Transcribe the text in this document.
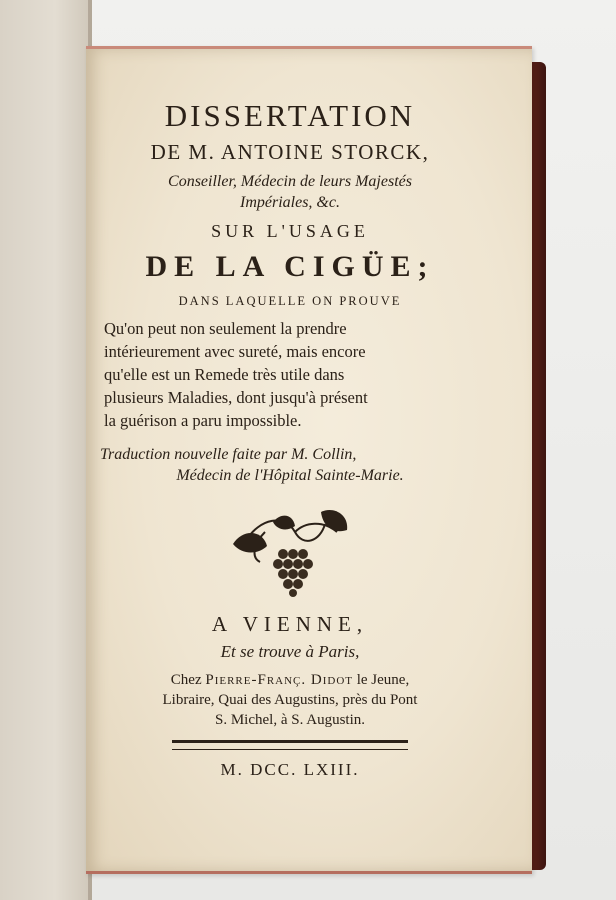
DISSERTATION
DE M. ANTOINE STORCK,
Conseiller, Médecin de leurs Majestés
Impériales, &c.
SUR L'USAGE
DE LA CIGÜE;
DANS LAQUELLE ON PROUVE
Qu'on peut non seulement la prendre
intérieurement avec sureté, mais encore
qu'elle est un Remede très utile dans
plusieurs Maladies, dont jusqu'à présent
la guérison a paru impossible.
Traduction nouvelle faite par M. Collin,
Médecin de l'Hôpital Sainte-Marie.
A VIENNE,
Et se trouve à Paris,
Chez Pierre-Franç. Didot le Jeune,
Libraire, Quai des Augustins, près du Pont
S. Michel, à S. Augustin.
M. DCC. LXIII.
